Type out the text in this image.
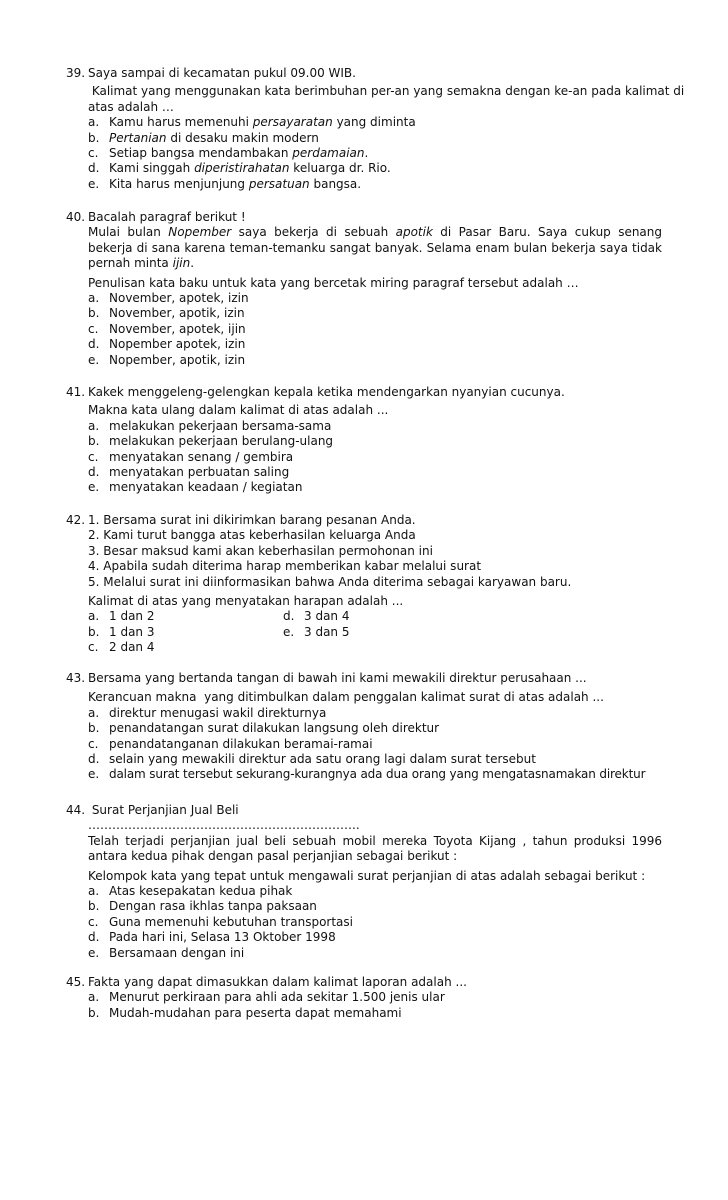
39. Saya sampai di kecamatan pukul 09.00 WIB.
Kalimat yang menggunakan kata berimbuhan per-an yang semakna dengan ke-an pada kalimat di
atas adalah …
a. Kamu harus memenuhi persayaratan yang diminta
b. Pertanian di desaku makin modern
c. Setiap bangsa mendambakan perdamaian.
d. Kami singgah diperistirahatan keluarga dr. Rio.
e. Kita harus menjunjung persatuan bangsa.
40. Bacalah paragraf berikut !
Mulai bulan Nopember saya bekerja di sebuah apotik di Pasar Baru. Saya cukup senang bekerja di sana karena teman-temanku sangat banyak. Selama enam bulan bekerja saya tidak pernah minta ijin.
Penulisan kata baku untuk kata yang bercetak miring paragraf tersebut adalah …
a. November, apotek, izin
b. November, apotik, izin
c. November, apotek, ijin
d. Nopember apotek, izin
e. Nopember, apotik, izin
41. Kakek menggeleng-gelengkan kepala ketika mendengarkan nyanyian cucunya.
Makna kata ulang dalam kalimat di atas adalah ...
a. melakukan pekerjaan bersama-sama
b. melakukan pekerjaan berulang-ulang
c. menyatakan senang / gembira
d. menyatakan perbuatan saling
e. menyatakan keadaan / kegiatan
42. 1. Bersama surat ini dikirimkan barang pesanan Anda.
2. Kami turut bangga atas keberhasilan keluarga Anda
3. Besar maksud kami akan keberhasilan permohonan ini
4. Apabila sudah diterima harap memberikan kabar melalui surat
5. Melalui surat ini diinformasikan bahwa Anda diterima sebagai karyawan baru.
Kalimat di atas yang menyatakan harapan adalah ...
a. 1 dan 2	d. 3 dan 4
b. 1 dan 3	e. 3 dan 5
c. 2 dan 4
43. Bersama yang bertanda tangan di bawah ini kami mewakili direktur perusahaan ...
Kerancuan makna  yang ditimbulkan dalam penggalan kalimat surat di atas adalah ...
a. direktur menugasi wakil direkturnya
b. penandatangan surat dilakukan langsung oleh direktur
c. penandatanganan dilakukan beramai-ramai
d. selain yang mewakili direktur ada satu orang lagi dalam surat tersebut
e. dalam surat tersebut sekurang-kurangnya ada dua orang yang mengatasnamakan direktur
44. Surat Perjanjian Jual Beli
…………………………………………………………..
Telah terjadi perjanjian jual beli sebuah mobil mereka Toyota Kijang , tahun produksi 1996 antara kedua pihak dengan pasal perjanjian sebagai berikut :
Kelompok kata yang tepat untuk mengawali surat perjanjian di atas adalah sebagai berikut :
a. Atas kesepakatan kedua pihak
b. Dengan rasa ikhlas tanpa paksaan
c. Guna memenuhi kebutuhan transportasi
d. Pada hari ini, Selasa 13 Oktober 1998
e. Bersamaan dengan ini
45. Fakta yang dapat dimasukkan dalam kalimat laporan adalah ...
a. Menurut perkiraan para ahli ada sekitar 1.500 jenis ular
b. Mudah-mudahan para peserta dapat memahami
